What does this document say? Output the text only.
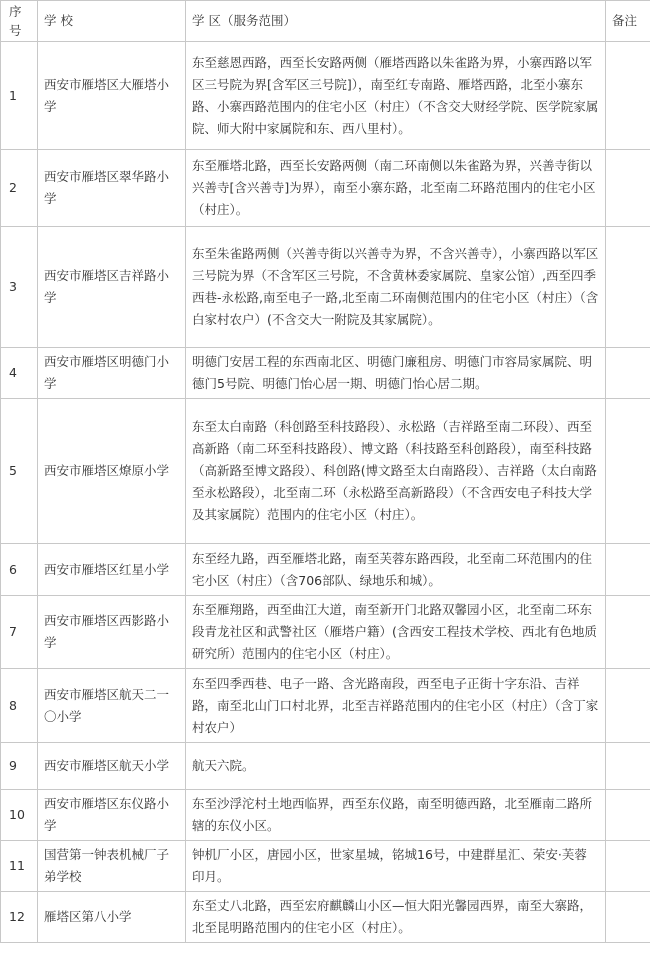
序号	学 校	学 区（服务范围）	备注
1	西安市雁塔区大雁塔小学	东至慈恩西路，西至长安路两侧（雁塔西路以朱雀路为界，小寨西路以军区三号院为界[含军区三号院]），南至红专南路、雁塔西路，北至小寨东路、小寨西路范围内的住宅小区（村庄）（不含交大财经学院、医学院家属院、师大附中家属院和东、西八里村）。	
2	西安市雁塔区翠华路小学	东至雁塔北路，西至长安路两侧（南二环南侧以朱雀路为界，兴善寺街以兴善寺[含兴善寺]为界），南至小寨东路，北至南二环路范围内的住宅小区（村庄）。	
3	西安市雁塔区吉祥路小学	东至朱雀路两侧（兴善寺街以兴善寺为界，不含兴善寺），小寨西路以军区三号院为界（不含军区三号院，不含黄林委家属院、皇家公馆）,西至四季西巷-永松路,南至电子一路,北至南二环南侧范围内的住宅小区（村庄）（含白家村农户）(不含交大一附院及其家属院）。	
4	西安市雁塔区明德门小学	明德门安居工程的东西南北区、明德门廉租房、明德门市容局家属院、明德门5号院、明德门怡心居一期、明德门怡心居二期。	
5	西安市雁塔区燎原小学	东至太白南路（科创路至科技路段）、永松路（吉祥路至南二环段）、西至高新路（南二环至科技路段）、博文路（科技路至科创路段），南至科技路（高新路至博文路段）、科创路(博文路至太白南路段）、吉祥路（太白南路至永松路段），北至南二环（永松路至高新路段）（不含西安电子科技大学及其家属院）范围内的住宅小区（村庄）。	
6	西安市雁塔区红星小学	东至经九路，西至雁塔北路，南至芙蓉东路西段，北至南二环范围内的住宅小区（村庄）（含706部队、绿地乐和城）。	
7	西安市雁塔区西影路小学	东至雁翔路，西至曲江大道，南至新开门北路双馨园小区，北至南二环东段青龙社区和武警社区（雁塔户籍）(含西安工程技术学校、西北有色地质研究所）范围内的住宅小区（村庄）。	
8	西安市雁塔区航天二一〇小学	东至四季西巷、电子一路、含光路南段，西至电子正街十字东沿、吉祥路，南至北山门口村北界，北至吉祥路范围内的住宅小区（村庄）（含丁家村农户）	
9	西安市雁塔区航天小学	航天六院。	
10	西安市雁塔区东仪路小学	东至沙浮沱村土地西临界，西至东仪路，南至明德西路，北至雁南二路所辖的东仪小区。	
11	国营第一钟表机械厂子弟学校	钟机厂小区，唐园小区，世家星城，铭城16号，中建群星汇、荣安·芙蓉印月。	
12	雁塔区第八小学	东至丈八北路，西至宏府麒麟山小区—恒大阳光馨园西界，南至大寨路，北至昆明路范围内的住宅小区（村庄）。	
